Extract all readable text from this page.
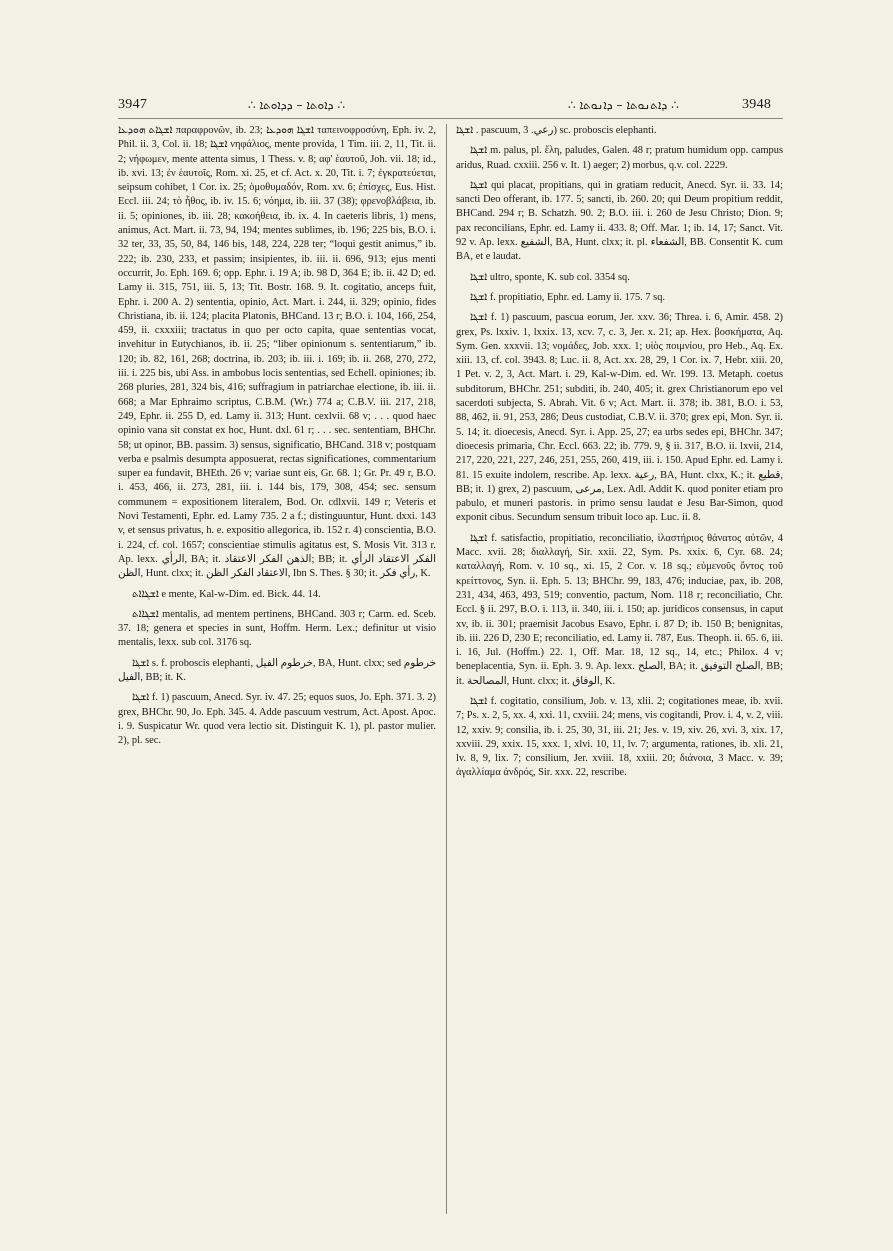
3947	∴ ܕܐܘܬܐ – ܕܕܐܘܬܐ ∴	∴ ܕܐܬܢܘܬܐ – ܕܐܢܘܬܐ ∴	3948

ܐܫܔܐܬ ܗܘܕܥܐ παραφρονῶν, ib. 23; ܐܫܔܐ ܗܘܕܥܐ ταπεινοφροσύνη, Eph. iv. 2, Phil. ii. 3, Col. ii. 18; ܐܫܔܐ νηφάλιος, mente provida, 1 Tim. iii. 2, 11, Tit. ii. 2; νήφωμεν, mente attenta simus, 1 Thess. v. 8; αφ' ἑαυτοῦ, Joh. vii. 18; id., ib. xvi. 13; ἐν ἑαυτοῖς, Rom. xi. 25, et cf. Act. x. 20, Tit. i. 7; ἐγκρατεύεται, seipsum cohibet, 1 Cor. ix. 25; ὁμοθυμαδόν, Rom. xv. 6; ἐπίσχες, Eus. Hist. Eccl. iii. 24; τὸ ἦθος, ib. iv. 15. 6; νόημα, ib. iii. 37 (38); φρενοβλάβεια, ib. ii. 5; opiniones, ib. iii. 28; κακοήθεια, ib. ix. 4. In caeteris libris, 1) mens, animus, Act. Mart. ii. 73, 94, 194; mentes sublimes, ib. 196; 225 bis, B.O. i. 32 ter, 33, 35, 50, 84, 146 bis, 148, 224, 228 ter; “loqui gestit animus,” ib. 222; ib. 230, 233, et passim; insipientes, ib. iii. ii. 696, 913; ejus menti occurrit, Jo. Eph. 169. 6; opp. Ephr. i. 19 A; ib. 98 D, 364 E; ib. ii. 42 D; ed. Lamy ii. 315, 751, iii. 5, 13; Tit. Bostr. 168. 9. It. cogitatio, anceps fuit, Ephr. i. 200 A. 2) sententia, opinio, Act. Mart. i. 244, ii. 329; opinio, fides Christiana, ib. ii. 124; placita Platonis, BHCand. 13 r; B.O. i. 104, 166, 254, 459, ii. cxxxiii; tractatus in quo per octo capita, quae sententias vocat, invehitur in Eutychianos, ib. ii. 25; “liber opinionum s. sententiarum,” ib. 120; ib. 82, 161, 268; doctrina, ib. 203; ib. iii. i. 169; ib. ii. 268, 270, 272, iii. i. 225 bis, ubi Ass. in ambobus locis sententias, sed Echell. opiniones; ib. 268 pluries, 281, 324 bis, 416; suffragium in patriarchae electione, ib. iii. ii. 668; a Mar Ephraimo scriptus, C.B.M. (Wr.) 774 a; C.B.V. iii. 217, 218, 249, Ephr. ii. 255 D, ed. Lamy ii. 313; Hunt. cexlvii. 68 v; . . . quod haec opinio vana sit constat ex hoc, Hunt. dxl. 61 r; . . . sec. sententiam, BHChr. 58; ut opinor, BB. passim. 3) sensus, significatio, BHCand. 318 v; postquam verba e psalmis desumpta apposuerat, rectas significationes, commentarium super ea fundavit, BHEth. 26 v; variae sunt eis, Gr. 68. 1; Gr. Pr. 49 r, B.O. i. 453, 466, ii. 273, 281, iii. i. 144 bis, 179, 308, 454; sec. sensum communem = expositionem literalem, Bod. Or. cdlxvii. 149 r; Veteris et Novi Testamenti, Ephr. ed. Lamy 735. 2 a f.; distinguuntur, Hunt. dxxi. 143 v, et sensus privatus, h. e. expositio allegorica, ib. 152 r. 4) conscientia, B.O. i. 224, cf. col. 1657; conscientiae stimulis agitatus est, S. Mosis Vit. 313 r. Ap. lexx. الرأي, BA; it. الذهن الفكر الاعتقاد; BB; it. الفكر الاعتقاد الرأي الظن, Hunt. clxx; it. الاعتقاد الفكر الظن, Ibn S. Thes. § 30; it. رأي فكر, K.

ܐܫܔܐܐܬ e mente, Kal-w-Dim. ed. Bick. 44. 14.

ܐܫܔܐܐܬ mentalis, ad mentem pertinens, BHCand. 303 r; Carm. ed. Sceb. 37. 18; genera et species in sunt, Hoffm. Herm. Lex.; definitur ut visio mentalis, lexx. sub col. 3176 sq.

ܐܫܔܐ s. f. proboscis elephanti, خرطوم الفيل, BA, Hunt. clxx; sed خرطوم الفيل, BB; it. K.

ܐܫܔܐ f. 1) pascuum, Anecd. Syr. iv. 47. 25; equos suos, Jo. Eph. 371. 3. 2) grex, BHChr. 90, Jo. Eph. 345. 4. Adde pascuum vestrum, Act. Apost. Apoc. i. 9. Suspicatur Wr. quod vera lectio sit. Distinguit K. 1), pl. pastor mulier. 2), pl. sec.

ܐܫܔܐ . pascuum, رعي. 3) sc. proboscis elephanti.

ܐܫܔܐ m. palus, pl. ἕλη, paludes, Galen. 48 r; pratum humidum opp. campus aridus, Ruad. cxxiii. 256 v. It. 1) aeger; 2) morbus, q.v. col. 2229.

ܐܫܔܐ qui placat, propitians, qui in gratiam reducit, Anecd. Syr. ii. 33. 14; sancti Deo offerant, ib. 177. 5; sancti, ib. 260. 20; qui Deum propitium reddit, BHCand. 294 r; B. Schatzh. 90. 2; B.O. iii. i. 260 de Jesu Christo; Dion. 9; pax reconcilians, Ephr. ed. Lamy ii. 433. 8; Off. Mar. 1; ib. 14, 17; Sanct. Vit. 92 v. Ap. lexx. الشفيع, BA, Hunt. clxx; it. pl. الشفعاء, BB. Consentit K. cum BA, et e laudat.

ܐܫܔܐ ultro, sponte, K. sub col. 3354 sq.

ܐܫܔܐ f. propitiatio, Ephr. ed. Lamy ii. 175. 7 sq.

ܐܫܔܐ f. 1) pascuum, pascua eorum, Jer. xxv. 36; Threa. i. 6, Amir. 458. 2) grex, Ps. lxxiv. 1, lxxix. 13, xcv. 7, c. 3, Jer. x. 21; ap. Hex. βοσκήματα, Aq. Sym. Gen. xxxvii. 13; νομάδες, Job. xxx. 1; υἱὸς ποιμνίου, pro Heb., Aq. Ex. xiii. 13, cf. col. 3943. 8; Luc. ii. 8, Act. xx. 28, 29, 1 Cor. ix. 7, Hebr. xiii. 20, 1 Pet. v. 2, 3, Act. Mart. i. 29, Kal-w-Dim. ed. Wr. 199. 13. Metaph. coetus subditorum, BHChr. 251; subditi, ib. 240, 405; it. grex Christianorum epo vel sacerdoti subjecta, S. Abrah. Vit. 6 v; Act. Mart. ii. 378; ib. 381, B.O. i. 53, 88, 462, ii. 91, 253, 286; Deus custodiat, C.B.V. ii. 370; grex epi, Mon. Syr. ii. 5. 14; it. dioecesis, Anecd. Syr. i. App. 25, 27; ea urbs sedes epi, BHChr. 347; dioecesis primaria, Chr. Eccl. 663. 22; ib. 779. 9, § ii. 317, B.O. ii. lxvii, 214, 217, 220, 221, 227, 246, 251, 255, 260, 419, iii. i. 150. Apud Ephr. ed. Lamy i. 81. 15 exuite indolem, rescribe. Ap. lexx. رعية, BA, Hunt. clxx, K.; it. قطيع, BB; it. 1) grex, 2) pascuum, مرعى, Lex. Adl. Addit K. quod poniter etiam pro pabulo, et muneri pastoris. in primo sensu laudat e Jesu Bar-Simon, quod exponit cibus. Secundum sensum tribuit loco ap. Luc. ii. 8.

ܐܫܔܐ f. satisfactio, propitiatio, reconciliatio, ἱλαστήριος θάνατος αὐτῶν, 4 Macc. xvii. 28; διαλλαγή, Sir. xxii. 22, Sym. Ps. xxix. 6, Cyr. 68. 24; καταλλαγή, Rom. v. 10 sq., xi. 15, 2 Cor. v. 18 sq.; εὐμενοῦς ὄντος τοῦ κρείττονος, Syn. ii. Eph. 5. 13; BHChr. 99, 183, 476; induciae, pax, ib. 208, 231, 434, 463, 493, 519; conventio, pactum, Nom. 118 r; reconciliatio, Chr. Eccl. § ii. 297, B.O. i. 113, ii. 340, iii. i. 150; ap. juridicos consensus, in caput xv, ib. ii. 301; praemisit Jacobus Esavo, Ephr. i. 87 D; ib. 150 B; benignitas, ib. iii. 226 D, 230 E; reconciliatio, ed. Lamy ii. 787, Eus. Theoph. ii. 65. 6, iii. i. 16, Jul. (Hoffm.) 22. 1, Off. Mar. 18, 12 sq., 14, etc.; Philox. 4 v; beneplacentia, Syn. ii. Eph. 3. 9. Ap. lexx. الصلح, BA; it. الصلح التوفيق, BB; it. المصالحة, Hunt. clxx; it. الوفاق, K.

ܐܫܔܐ f. cogitatio, consilium, Job. v. 13, xlii. 2; cogitationes meae, ib. xvii. 7; Ps. x. 2, 5, xx. 4, xxi. 11, cxviii. 24; mens, vis cogitandi, Prov. i. 4, v. 2, viii. 12, xxiv. 9; consilia, ib. i. 25, 30, 31, iii. 21; Jes. v. 19, xiv. 26, xvi. 3, xix. 17, xxviii. 29, xxix. 15, xxx. 1, xlvi. 10, 11, lv. 7; argumenta, rationes, ib. xli. 21, lv. 8, 9, lix. 7; consilium, Jer. xviii. 18, xxiii. 20; διάνοια, 3 Macc. v. 39; ἀγαλλίαμα ἀνδρός, Sir. xxx. 22, rescribe.
